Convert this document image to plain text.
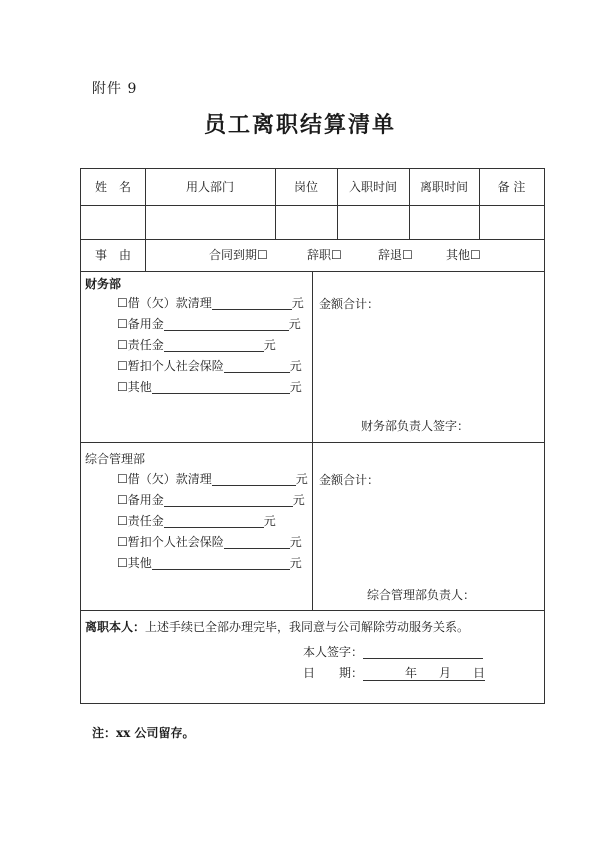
附件 9
员工离职结算清单
姓　名	用人部门	岗位	入职时间	离职时间	备 注
事　由	合同到期☐	辞职☐	辞退☐	其他☐
财务部
☐借（欠）款清理	元
☐备用金	元
☐责任金	元
☐暂扣个人社会保险	元
☐其他	元
金额合计：
财务部负责人签字：
综合管理部
☐借（欠）款清理	元
☐备用金	元
☐责任金	元
☐暂扣个人社会保险	元
☐其他	元
金额合计：
综合管理部负责人：
离职本人：上述手续已全部办理完毕，我同意与公司解除劳动服务关系。
本人签字：
日　　期：	年 月 日
注：xx 公司留存。
